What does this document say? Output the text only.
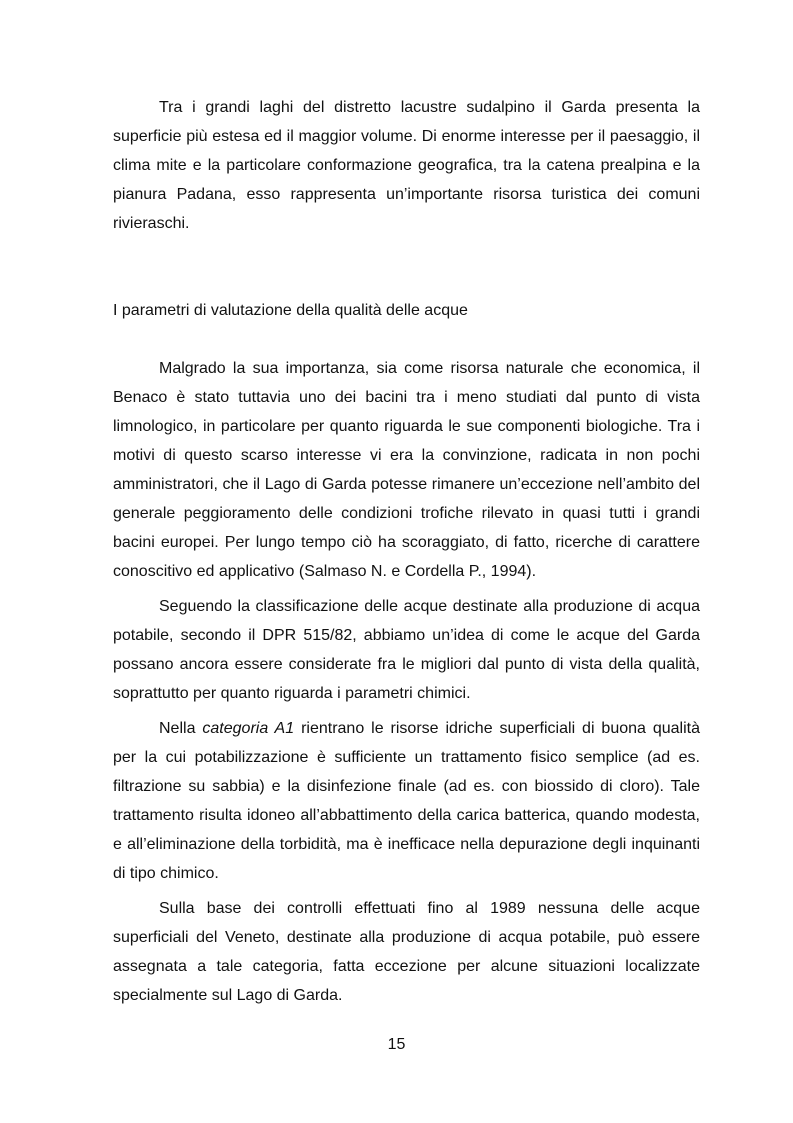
Tra i grandi laghi del distretto lacustre sudalpino il Garda presenta la superficie più estesa ed il maggior volume. Di enorme interesse per il paesaggio, il clima mite e la particolare conformazione geografica, tra la catena prealpina e la pianura Padana, esso rappresenta un’importante risorsa turistica dei comuni rivieraschi.

I parametri di valutazione della qualità delle acque

Malgrado la sua importanza, sia come risorsa naturale che economica, il Benaco è stato tuttavia uno dei bacini tra i meno studiati dal punto di vista limnologico, in particolare per quanto riguarda le sue componenti biologiche. Tra i motivi di questo scarso interesse vi era la convinzione, radicata in non pochi amministratori, che il Lago di Garda potesse rimanere un’eccezione nell’ambito del generale peggioramento delle condizioni trofiche rilevato in quasi tutti i grandi bacini europei. Per lungo tempo ciò ha scoraggiato, di fatto, ricerche di carattere conoscitivo ed applicativo (Salmaso N. e Cordella P., 1994).

Seguendo la classificazione delle acque destinate alla produzione di acqua potabile, secondo il DPR 515/82, abbiamo un’idea di come le acque del Garda possano ancora essere considerate fra le migliori dal punto di vista della qualità, soprattutto per quanto riguarda i parametri chimici.

Nella categoria A1 rientrano le risorse idriche superficiali di buona qualità per la cui potabilizzazione è sufficiente un trattamento fisico semplice (ad es. filtrazione su sabbia) e la disinfezione finale (ad es. con biossido di cloro). Tale trattamento risulta idoneo all’abbattimento della carica batterica, quando modesta, e all’eliminazione della torbidità, ma è inefficace nella depurazione degli inquinanti di tipo chimico.

Sulla base dei controlli effettuati fino al 1989 nessuna delle acque superficiali del Veneto, destinate alla produzione di acqua potabile, può essere assegnata a tale categoria, fatta eccezione per alcune situazioni localizzate specialmente sul Lago di Garda.

15
